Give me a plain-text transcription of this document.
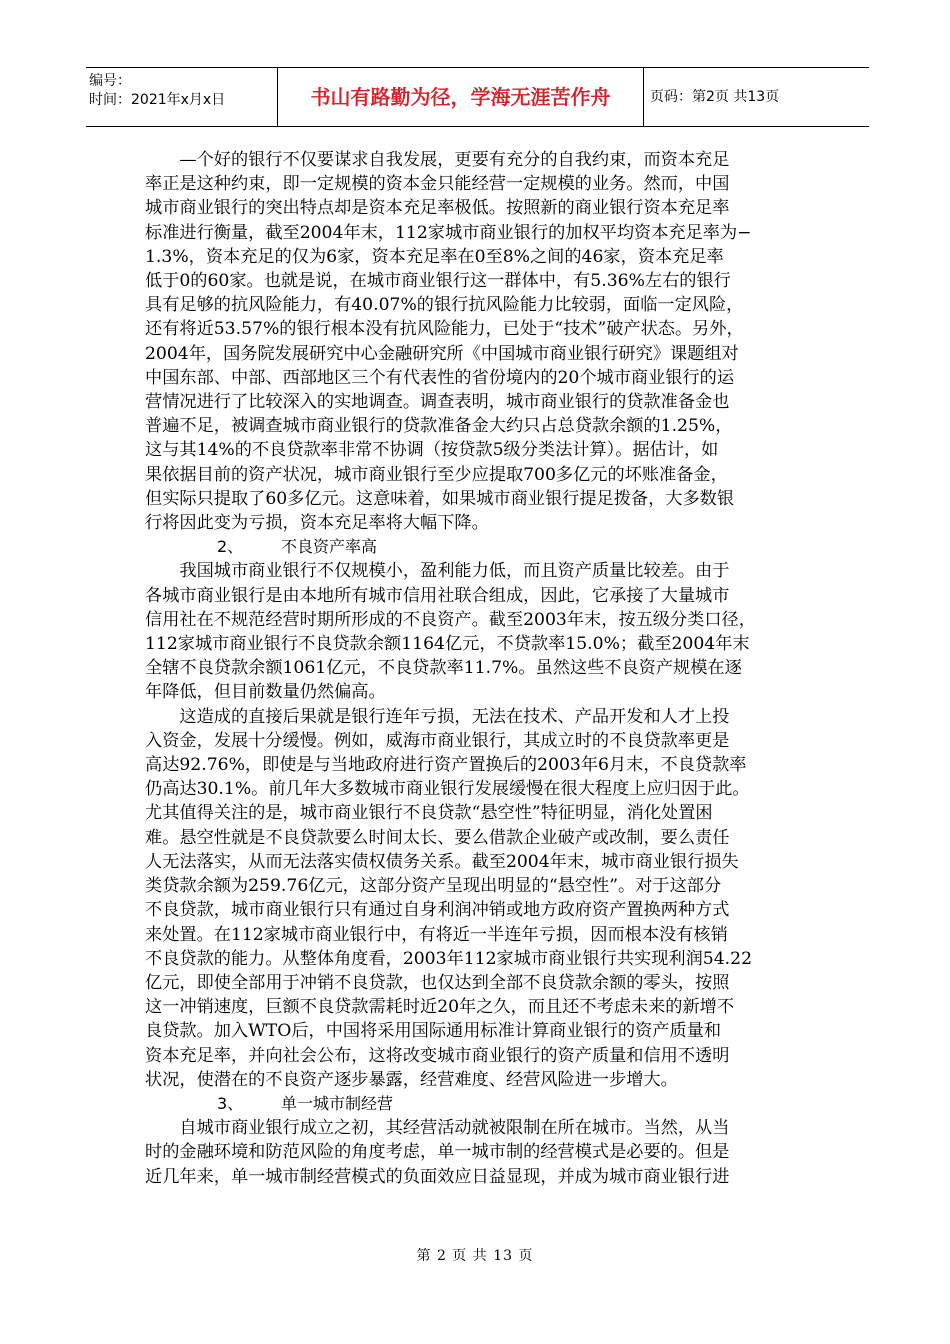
编号：
时间：2021年x月x日	书山有路勤为径，学海无涯苦作舟	页码：第2页 共13页
—个好的银行不仅要谋求自我发展，更要有充分的自我约束，而资本充足
率正是这种约束，即一定规模的资本金只能经营一定规模的业务。然而，中国
城市商业银行的突出特点却是资本充足率极低。按照新的商业银行资本充足率
标准进行衡量，截至2004年末，112家城市商业银行的加权平均资本充足率为−
1.3%，资本充足的仅为6家，资本充足率在0至8%之间的46家，资本充足率
低于0的60家。也就是说，在城市商业银行这一群体中，有5.36%左右的银行
具有足够的抗风险能力，有40.07%的银行抗风险能力比较弱，面临一定风险，
还有将近53.57%的银行根本没有抗风险能力，已处于“技术”破产状态。另外，
2004年，国务院发展研究中心金融研究所《中国城市商业银行研究》课题组对
中国东部、中部、西部地区三个有代表性的省份境内的20个城市商业银行的运
营情况进行了比较深入的实地调查。调查表明，城市商业银行的贷款准备金也
普遍不足，被调查城市商业银行的贷款准备金大约只占总贷款余额的1.25%，
这与其14%的不良贷款率非常不协调（按贷款5级分类法计算）。据估计，如
果依据目前的资产状况，城市商业银行至少应提取700多亿元的坏账准备金，
但实际只提取了60多亿元。这意味着，如果城市商业银行提足拨备，大多数银
行将因此变为亏损，资本充足率将大幅下降。
2、 不良资产率高
我国城市商业银行不仅规模小，盈利能力低，而且资产质量比较差。由于
各城市商业银行是由本地所有城市信用社联合组成，因此，它承接了大量城市
信用社在不规范经营时期所形成的不良资产。截至2003年末，按五级分类口径，
112家城市商业银行不良贷款余额1164亿元，不贷款率15.0%；截至2004年末
全辖不良贷款余额1061亿元，不良贷款率11.7%。虽然这些不良资产规模在逐
年降低，但目前数量仍然偏高。
这造成的直接后果就是银行连年亏损，无法在技术、产品开发和人才上投
入资金，发展十分缓慢。例如，威海市商业银行，其成立时的不良贷款率更是
高达92.76%，即使是与当地政府进行资产置换后的2003年6月末，不良贷款率
仍高达30.1%。前几年大多数城市商业银行发展缓慢在很大程度上应归因于此。
尤其值得关注的是，城市商业银行不良贷款“悬空性”特征明显，消化处置困
难。悬空性就是不良贷款要么时间太长、要么借款企业破产或改制，要么责任
人无法落实，从而无法落实债权债务关系。截至2004年末，城市商业银行损失
类贷款余额为259.76亿元，这部分资产呈现出明显的“悬空性”。对于这部分
不良贷款，城市商业银行只有通过自身利润冲销或地方政府资产置换两种方式
来处置。在112家城市商业银行中，有将近一半连年亏损，因而根本没有核销
不良贷款的能力。从整体角度看，2003年112家城市商业银行共实现利润54.22
亿元，即使全部用于冲销不良贷款，也仅达到全部不良贷款余额的零头，按照
这一冲销速度，巨额不良贷款需耗时近20年之久，而且还不考虑未来的新增不
良贷款。加入WTO后，中国将采用国际通用标准计算商业银行的资产质量和
资本充足率，并向社会公布，这将改变城市商业银行的资产质量和信用不透明
状况，使潜在的不良资产逐步暴露，经营难度、经营风险进一步增大。
3、 单一城市制经营
自城市商业银行成立之初，其经营活动就被限制在所在城市。当然，从当
时的金融环境和防范风险的角度考虑，单一城市制的经营模式是必要的。但是
近几年来，单一城市制经营模式的负面效应日益显现，并成为城市商业银行进
第 2 页 共 13 页
